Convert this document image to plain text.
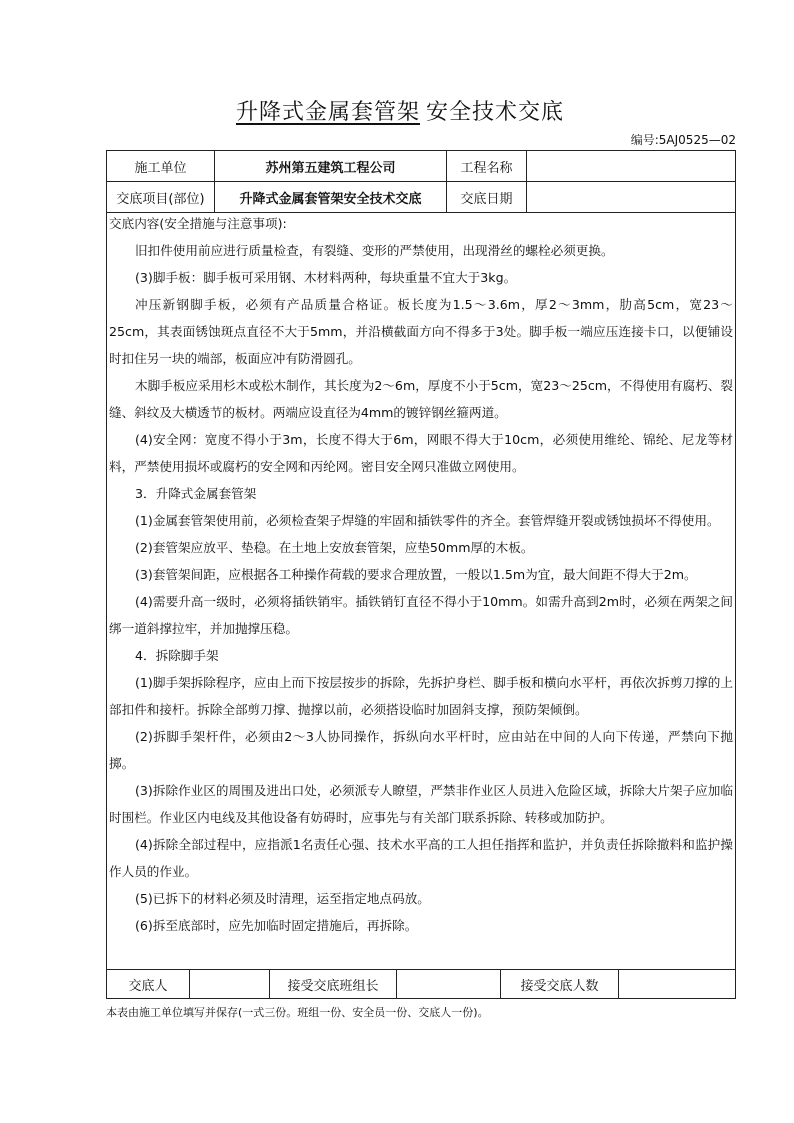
升降式金属套管架 安全技术交底
编号:5AJ0525—02
施工单位	苏州第五建筑工程公司	工程名称
交底项目(部位)	升降式金属套管架安全技术交底	交底日期

交底内容(安全措施与注意事项):

旧扣件使用前应进行质量检查，有裂缝、变形的严禁使用，出现滑丝的螺栓必须更换。

(3)脚手板：脚手板可采用钢、木材料两种，每块重量不宜大于3kg。

冲压新钢脚手板，必须有产品质量合格证。板长度为1.5～3.6m，厚2～3mm，肋高5cm，宽23～25cm，其表面锈蚀斑点直径不大于5mm，并沿横截面方向不得多于3处。脚手板一端应压连接卡口，以便铺设时扣住另一块的端部，板面应冲有防滑圆孔。

木脚手板应采用杉木或松木制作，其长度为2～6m，厚度不小于5cm，宽23～25cm，不得使用有腐朽、裂缝、斜纹及大横透节的板材。两端应设直径为4mm的镀锌钢丝箍两道。

(4)安全网：宽度不得小于3m，长度不得大于6m，网眼不得大于10cm，必须使用维纶、锦纶、尼龙等材料，严禁使用损坏或腐朽的安全网和丙纶网。密目安全网只准做立网使用。

3．升降式金属套管架

(1)金属套管架使用前，必须检查架子焊缝的牢固和插铁零件的齐全。套管焊缝开裂或锈蚀损坏不得使用。

(2)套管架应放平、垫稳。在土地上安放套管架，应垫50mm厚的木板。

(3)套管架间距，应根据各工种操作荷载的要求合理放置，一般以1.5m为宜，最大间距不得大于2m。

(4)需要升高一级时，必须将插铁销牢。插铁销钉直径不得小于10mm。如需升高到2m时，必须在两架之间绑一道斜撑拉牢，并加抛撑压稳。

4．拆除脚手架

(1)脚手架拆除程序，应由上而下按层按步的拆除，先拆护身栏、脚手板和横向水平杆，再依次拆剪刀撑的上部扣件和接杆。拆除全部剪刀撑、抛撑以前，必须搭设临时加固斜支撑，预防架倾倒。

(2)拆脚手架杆件，必须由2～3人协同操作，拆纵向水平杆时，应由站在中间的人向下传递，严禁向下抛掷。

(3)拆除作业区的周围及进出口处，必须派专人瞭望，严禁非作业区人员进入危险区域，拆除大片架子应加临时围栏。作业区内电线及其他设备有妨碍时，应事先与有关部门联系拆除、转移或加防护。

(4)拆除全部过程中，应指派1名责任心强、技术水平高的工人担任指挥和监护，并负责任拆除撤料和监护操作人员的作业。

(5)已拆下的材料必须及时清理，运至指定地点码放。

(6)拆至底部时，应先加临时固定措施后，再拆除。

交底人	接受交底班组长	接受交底人数
本表由施工单位填写并保存(一式三份。班组一份、安全员一份、交底人一份)。
